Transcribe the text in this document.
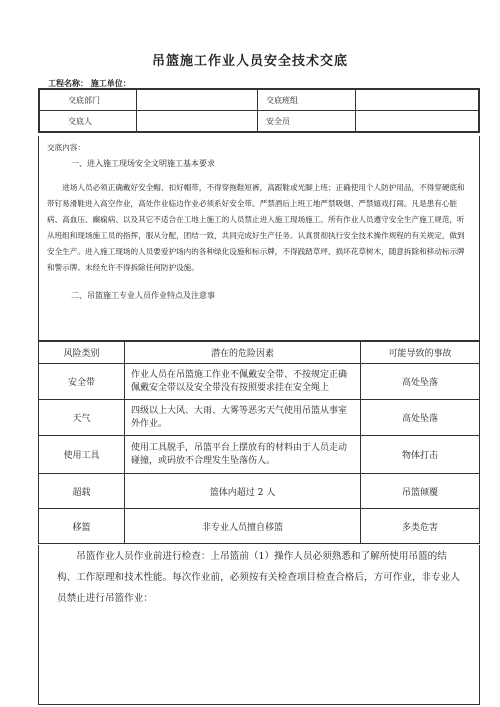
吊篮施工作业人员安全技术交底
工程名称： 施工单位：
交底部门		交底班组	
交底人		安全员	
交底内容：

一、进入施工现场安全文明施工基本要求

进场人员必须正确戴好安全帽、扣好帽带，不得穿拖鞋短裤，高跟鞋或光脚上班；正确使用个人防护用品，不得穿硬底和带钉易滑鞋进入高空作业，高处作业临边作业必须系好安全带。严禁酒后上班工地严禁吸烟、严禁嬉戏打闹。凡是患有心脏病、高血压、癫痫病、以及其它不适合在工地上施工的人员禁止进入施工现场施工。所有作业人员遵守安全生产施工规范，听从班组和现场施工员的指挥，服从分配，团结一致，共同完成好生产任务。认真贯彻执行安全技术操作规程的有关规定，做到安全生产。进入施工现场的人员要爱护场内的各种绿化设施和标示牌，不得践踏草坪、损坏花草树木，随意拆除和移动标示牌和警示牌。未经允许不得拆除任何防护设施。

二、吊篮施工专业人员作业特点及注意事

风险类别	潜在的危险因素	可能导致的事故
安全带	作业人员在吊篮施工作业不佩戴安全带、不按规定正确佩戴安全带以及安全带没有按照要求挂在安全绳上	高处坠落
天气	四级以上大风、大雨、大雾等恶劣天气使用吊篮从事室外作业。	高处坠落
使用工具	使用工具脱手，吊篮平台上摆放有的材料由于人员走动碰撞，或码放不合理发生坠落伤人。	物体打击
超载	篮体内超过 2 人	吊篮倾覆
移篮	非专业人员擅自移篮	多类危害

吊篮作业人员作业前进行检查：上吊篮前（1）操作人员必须熟悉和了解所使用吊篮的结构、工作原理和技术性能。每次作业前，必须按有关检查项目检查合格后，方可作业，非专业人员禁止进行吊篮作业：
